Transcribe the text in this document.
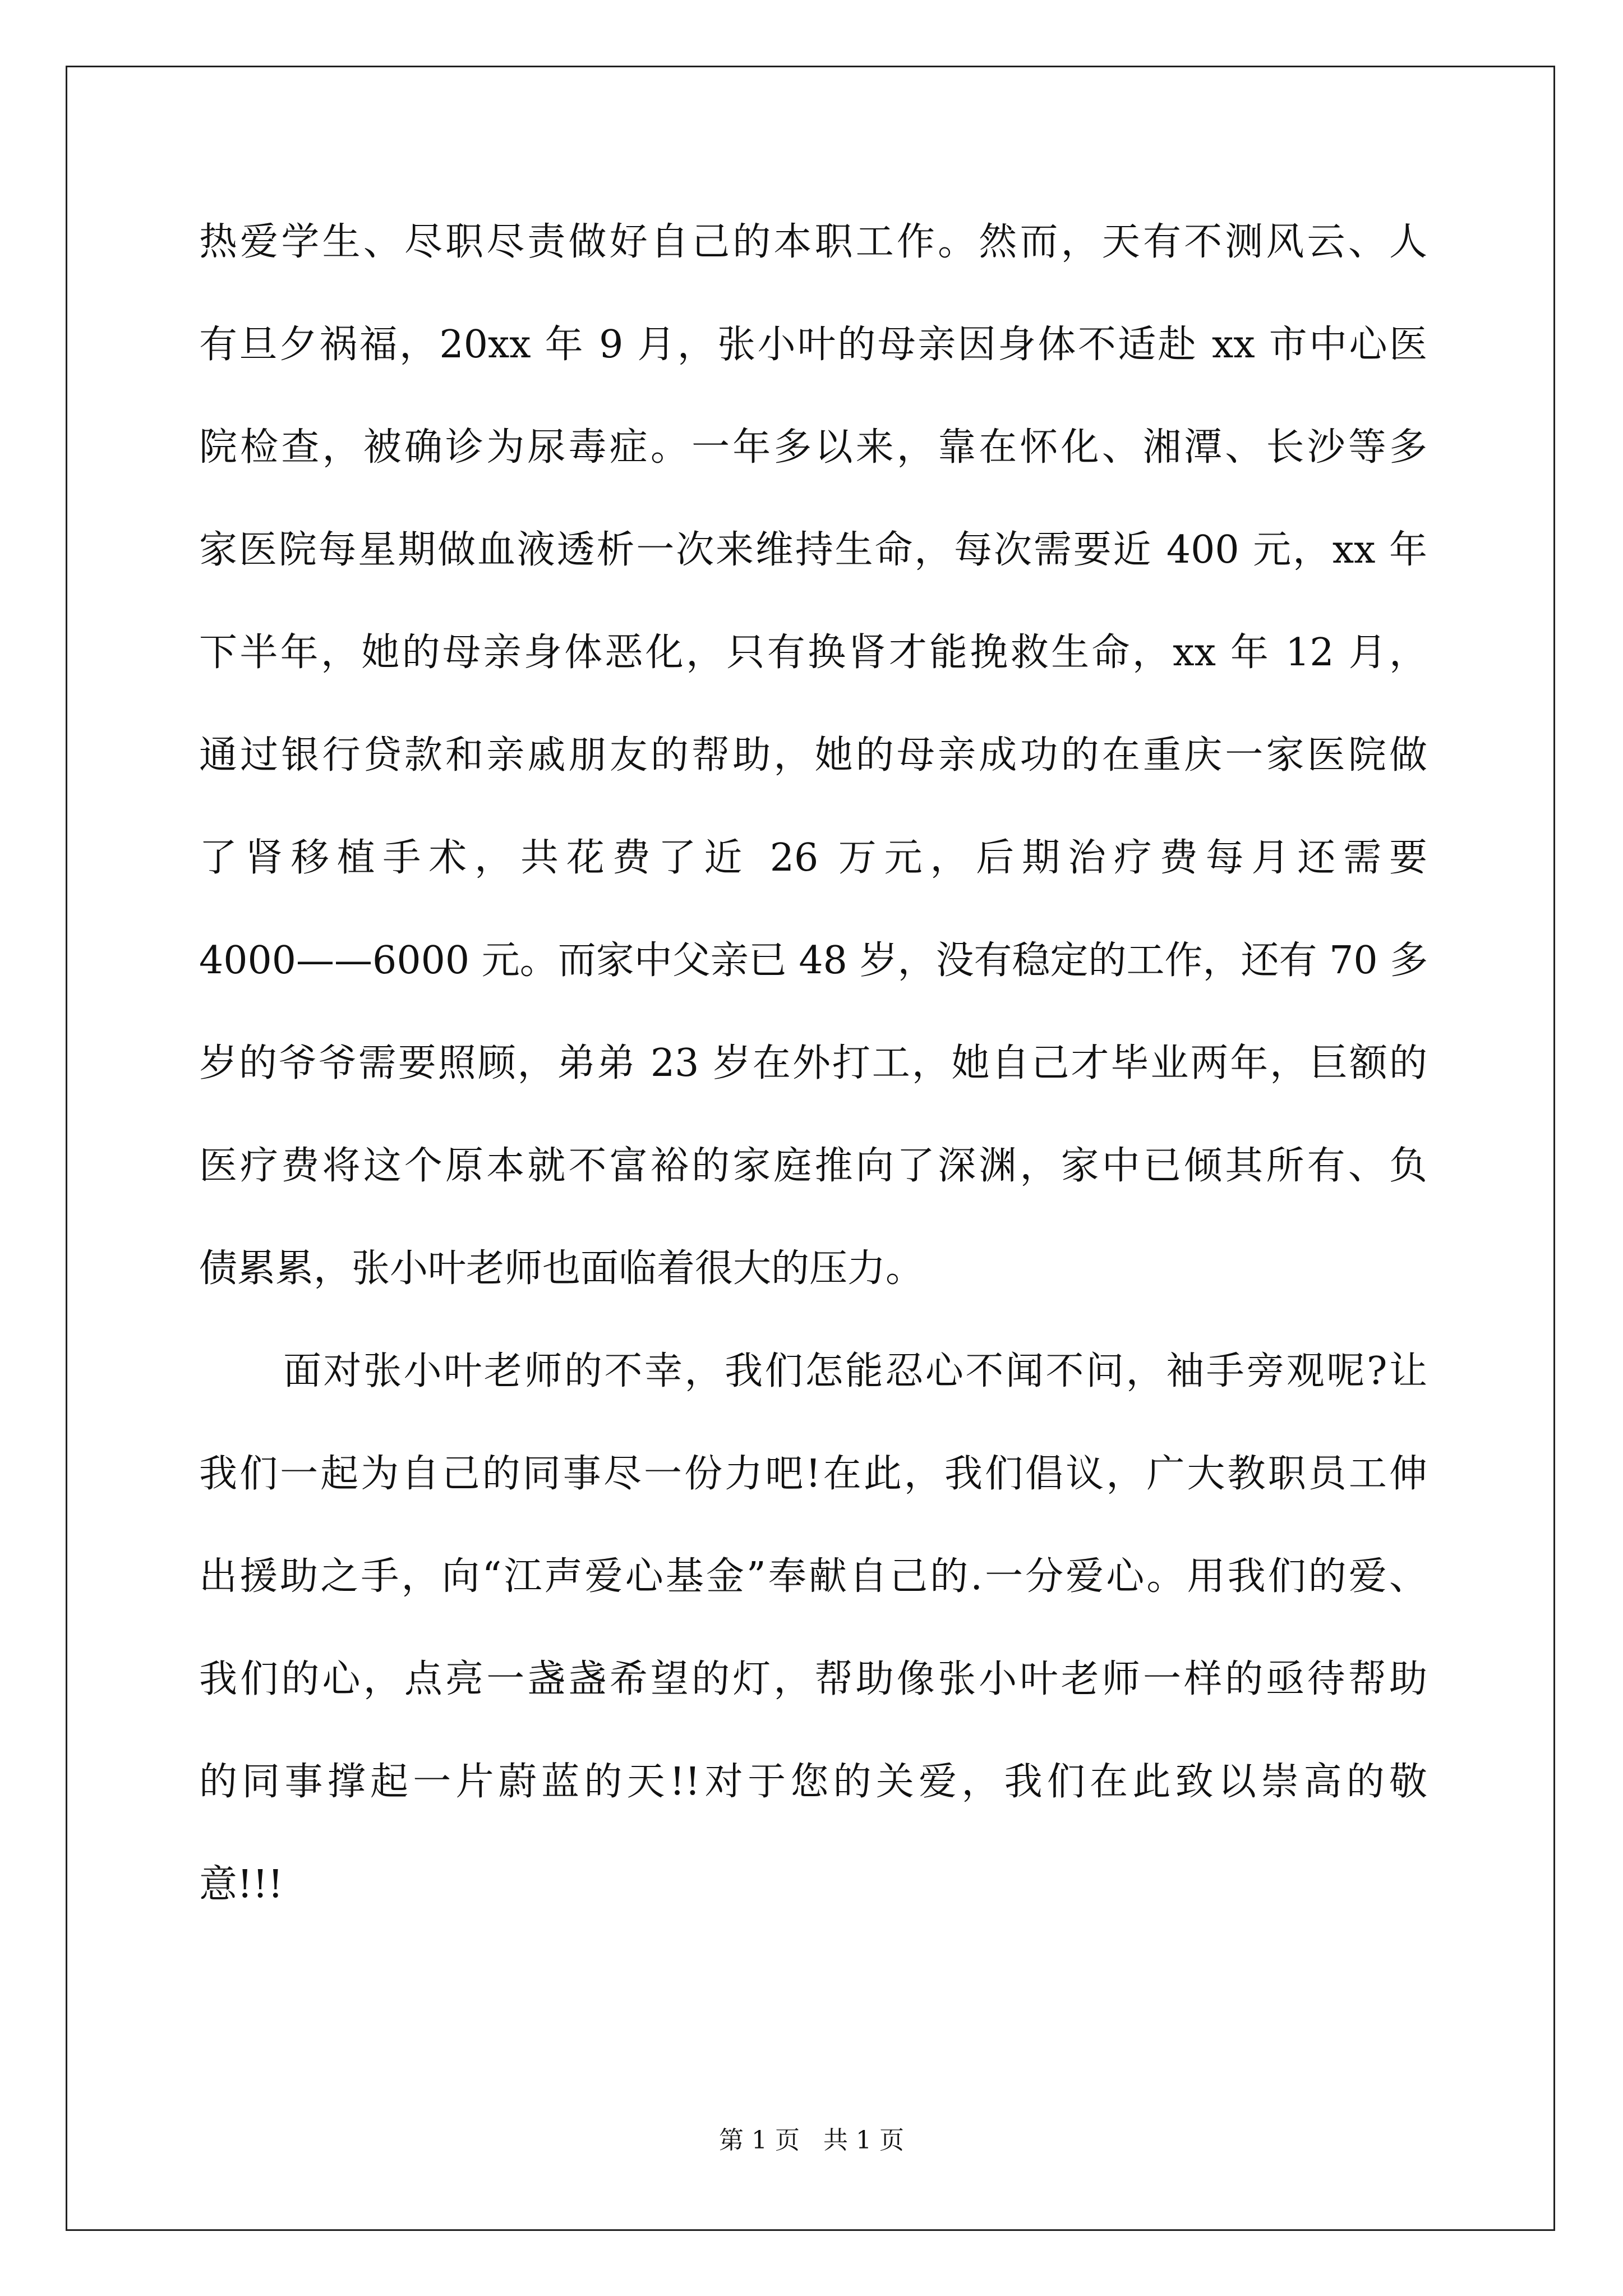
热爱学生、尽职尽责做好自己的本职工作。然而，天有不测风云、人
有旦夕祸福，20xx 年 9 月，张小叶的母亲因身体不适赴 xx 市中心医
院检查，被确诊为尿毒症。一年多以来，靠在怀化、湘潭、长沙等多
家医院每星期做血液透析一次来维持生命，每次需要近 400 元，xx 年
下半年，她的母亲身体恶化，只有换肾才能挽救生命，xx 年 12 月，
通过银行贷款和亲戚朋友的帮助，她的母亲成功的在重庆一家医院做
了肾移植手术，共花费了近 26 万元，后期治疗费每月还需要
4000——6000 元。而家中父亲已 48 岁，没有稳定的工作，还有 70 多
岁的爷爷需要照顾，弟弟 23 岁在外打工，她自己才毕业两年，巨额的
医疗费将这个原本就不富裕的家庭推向了深渊，家中已倾其所有、负
债累累，张小叶老师也面临着很大的压力。
面对张小叶老师的不幸，我们怎能忍心不闻不问，袖手旁观呢?让
我们一起为自己的同事尽一份力吧!在此，我们倡议，广大教职员工伸
出援助之手，向“江声爱心基金”奉献自己的.一分爱心。用我们的爱、
我们的心，点亮一盏盏希望的灯，帮助像张小叶老师一样的亟待帮助
的同事撑起一片蔚蓝的天!!对于您的关爱，我们在此致以崇高的敬
意!!!
第 1 页   共 1 页
